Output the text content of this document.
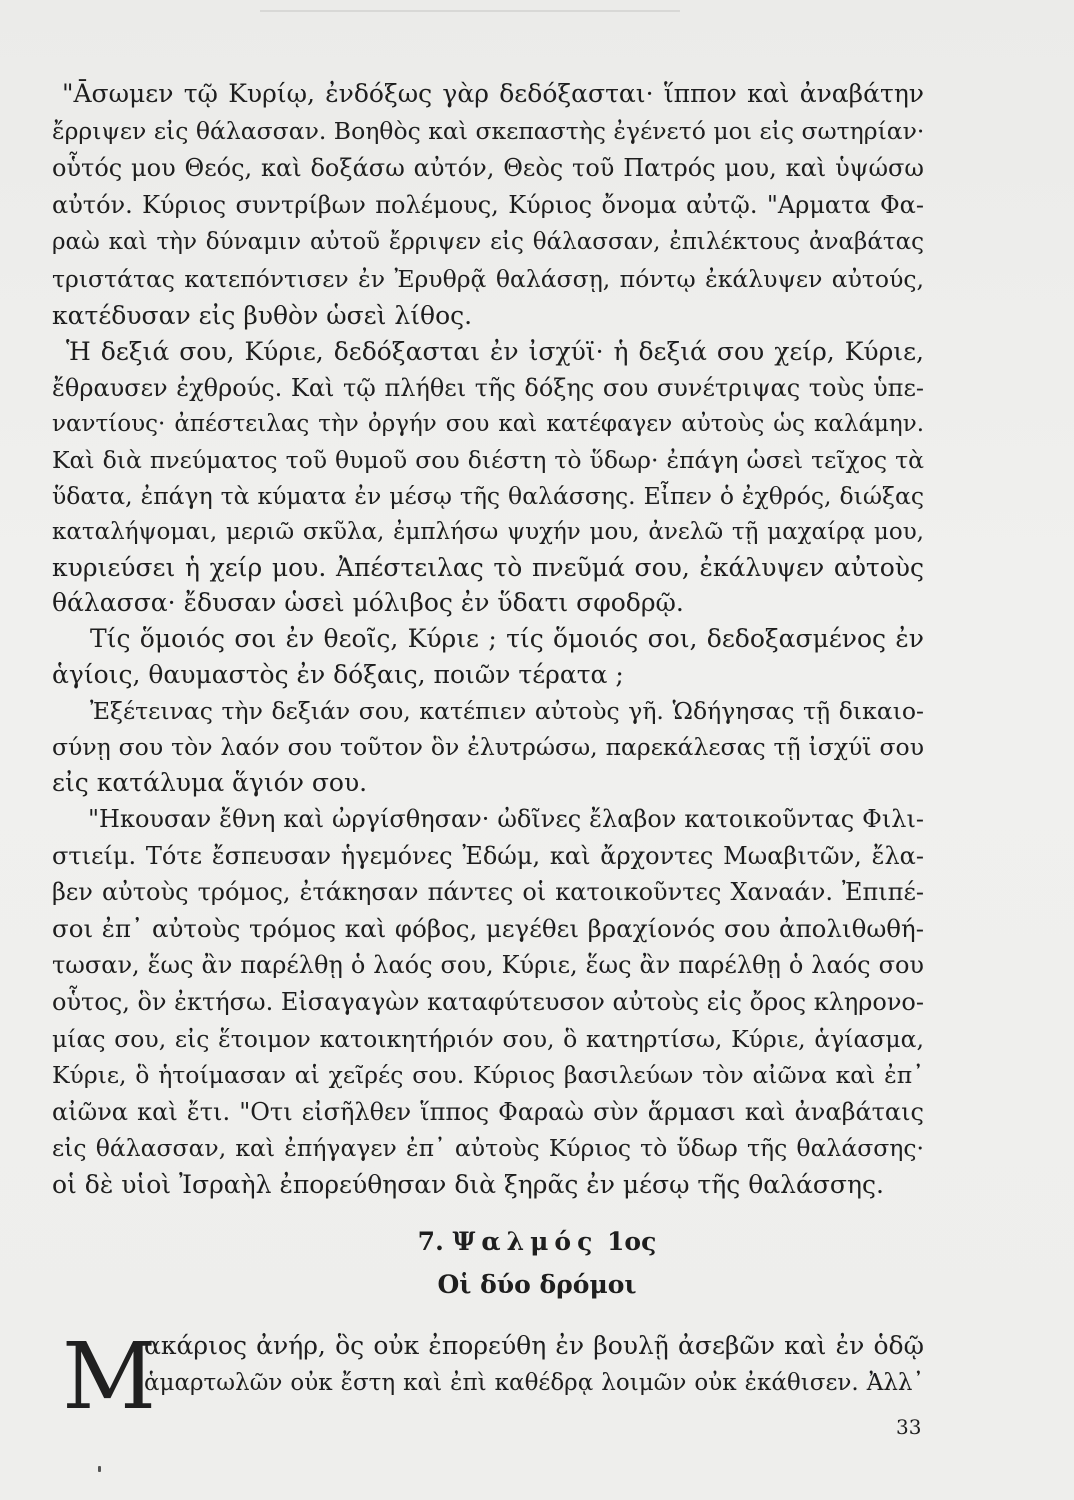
"Ᾱσωμεν τῷ Κυρίῳ, ἐνδόξως γὰρ δεδόξασται· ἵππον καὶ ἀναβάτην
ἔρριψεν εἰς θάλασσαν. Βοηθὸς καὶ σκεπαστὴς ἐγένετό μοι εἰς σωτηρίαν·
οὗτός μου Θεός, καὶ δοξάσω αὐτόν, Θεὸς τοῦ Πατρός μου, καὶ ὑψώσω
αὐτόν. Κύριος συντρίβων πολέμους, Κύριος ὄνομα αὐτῷ. "Αρματα Φα-
ραὼ καὶ τὴν δύναμιν αὐτοῦ ἔρριψεν εἰς θάλασσαν, ἐπιλέκτους ἀναβάτας
τριστάτας κατεπόντισεν ἐν Ἐρυθρᾷ θαλάσσῃ, πόντῳ ἐκάλυψεν αὐτούς,
κατέδυσαν εἰς βυθὸν ὡσεὶ λίθος.
Ἡ δεξιά σου, Κύριε, δεδόξασται ἐν ἰσχύϊ· ἡ δεξιά σου χείρ, Κύριε,
ἔθραυσεν ἐχθρούς. Καὶ τῷ πλήθει τῆς δόξης σου συνέτριψας τοὺς ὑπε-
ναντίους· ἀπέστειλας τὴν ὀργήν σου καὶ κατέφαγεν αὐτοὺς ὡς καλάμην.
Καὶ διὰ πνεύματος τοῦ θυμοῦ σου διέστη τὸ ὕδωρ· ἐπάγη ὡσεὶ τεῖχος τὰ
ὕδατα, ἐπάγη τὰ κύματα ἐν μέσῳ τῆς θαλάσσης. Εἶπεν ὁ ἐχθρός, διώξας
καταλήψομαι, μεριῶ σκῦλα, ἐμπλήσω ψυχήν μου, ἀνελῶ τῇ μαχαίρᾳ μου,
κυριεύσει ἡ χείρ μου. Ἀπέστειλας τὸ πνεῦμά σου, ἐκάλυψεν αὐτοὺς
θάλασσα· ἔδυσαν ὡσεὶ μόλιβος ἐν ὕδατι σφοδρῷ.
Τίς ὅμοιός σοι ἐν θεοῖς, Κύριε ; τίς ὅμοιός σοι, δεδοξασμένος ἐν
ἁγίοις, θαυμαστὸς ἐν δόξαις, ποιῶν τέρατα ;
Ἐξέτεινας τὴν δεξιάν σου, κατέπιεν αὐτοὺς γῆ. Ὡδήγησας τῇ δικαιο-
σύνῃ σου τὸν λαόν σου τοῦτον ὃν ἐλυτρώσω, παρεκάλεσας τῇ ἰσχύϊ σου
εἰς κατάλυμα ἅγιόν σου.
"Ηκουσαν ἔθνη καὶ ὠργίσθησαν· ὠδῖνες ἔλαβον κατοικοῦντας Φιλι-
στιείμ. Τότε ἔσπευσαν ἡγεμόνες Ἐδώμ, καὶ ἄρχοντες Μωαβιτῶν, ἔλα-
βεν αὐτοὺς τρόμος, ἐτάκησαν πάντες οἱ κατοικοῦντες Χαναάν. Ἐπιπέ-
σοι ἐπ᾽ αὐτοὺς τρόμος καὶ φόβος, μεγέθει βραχίονός σου ἀπολιθωθή-
τωσαν, ἕως ἂν παρέλθῃ ὁ λαός σου, Κύριε, ἕως ἂν παρέλθῃ ὁ λαός σου
οὗτος, ὃν ἐκτήσω. Εἰσαγαγὼν καταφύτευσον αὐτοὺς εἰς ὄρος κληρονο-
μίας σου, εἰς ἕτοιμον κατοικητήριόν σου, ὃ κατηρτίσω, Κύριε, ἁγίασμα,
Κύριε, ὃ ἡτοίμασαν αἱ χεῖρές σου. Κύριος βασιλεύων τὸν αἰῶνα καὶ ἐπ᾽
αἰῶνα καὶ ἔτι. "Οτι εἰσῆλθεν ἵππος Φαραὼ σὺν ἅρμασι καὶ ἀναβάταις
εἰς θάλασσαν, καὶ ἐπήγαγεν ἐπ᾽ αὐτοὺς Κύριος τὸ ὕδωρ τῆς θαλάσσης·
οἱ δὲ υἱοὶ Ἰσραὴλ ἐπορεύθησαν διὰ ξηρᾶς ἐν μέσῳ τῆς θαλάσσης.
7. Ψαλμός 1ος
Οἱ δύο δρόμοι
Μ
ακάριος ἀνήρ, ὃς οὐκ ἐπορεύθη ἐν βουλῇ ἀσεβῶν καὶ ἐν ὁδῷ
ἁμαρτωλῶν οὐκ ἔστη καὶ ἐπὶ καθέδρᾳ λοιμῶν οὐκ ἐκάθισεν. Ἀλλ᾽
33
